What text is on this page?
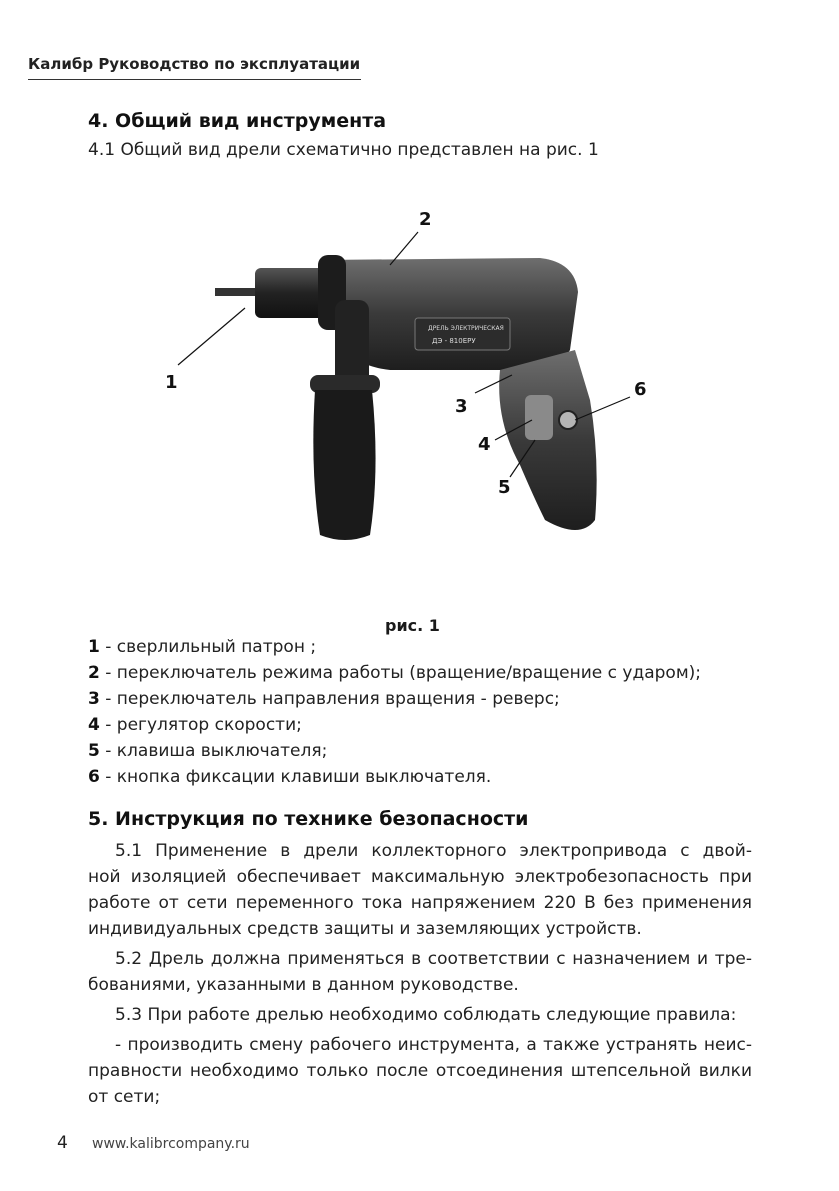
Калибр Руководство по эксплуатации
4. Общий вид инструмента
4.1 Общий вид дрели схематично представлен на рис. 1
ДРЕЛЬ ЭЛЕКТРИЧЕСКАЯ
ДЭ - 810ЕРУ
1
2
3
4
5
6
рис. 1
1 - сверлильный патрон ;
2 - переключатель режима работы (вращение/вращение с ударом);
3 - переключатель направления вращения - реверс;
4 - регулятор скорости;
5 - клавиша выключателя;
6 - кнопка фиксации клавиши выключателя.
5. Инструкция по технике безопасности
5.1 Применение в дрели коллекторного электропривода с двой-
ной изоляцией обеспечивает максимальную электробезопасность при
работе от сети переменного тока напряжением 220 В без применения
индивидуальных средств защиты и заземляющих устройств.
5.2 Дрель должна применяться в соответствии с назначением и тре-
бованиями, указанными в данном руководстве.
5.3 При работе дрелью необходимо соблюдать следующие правила:
- производить смену рабочего инструмента, а также устранять неис-
правности необходимо только после отсоединения штепсельной вилки
от сети;
4 www.kalibrcompany.ru
